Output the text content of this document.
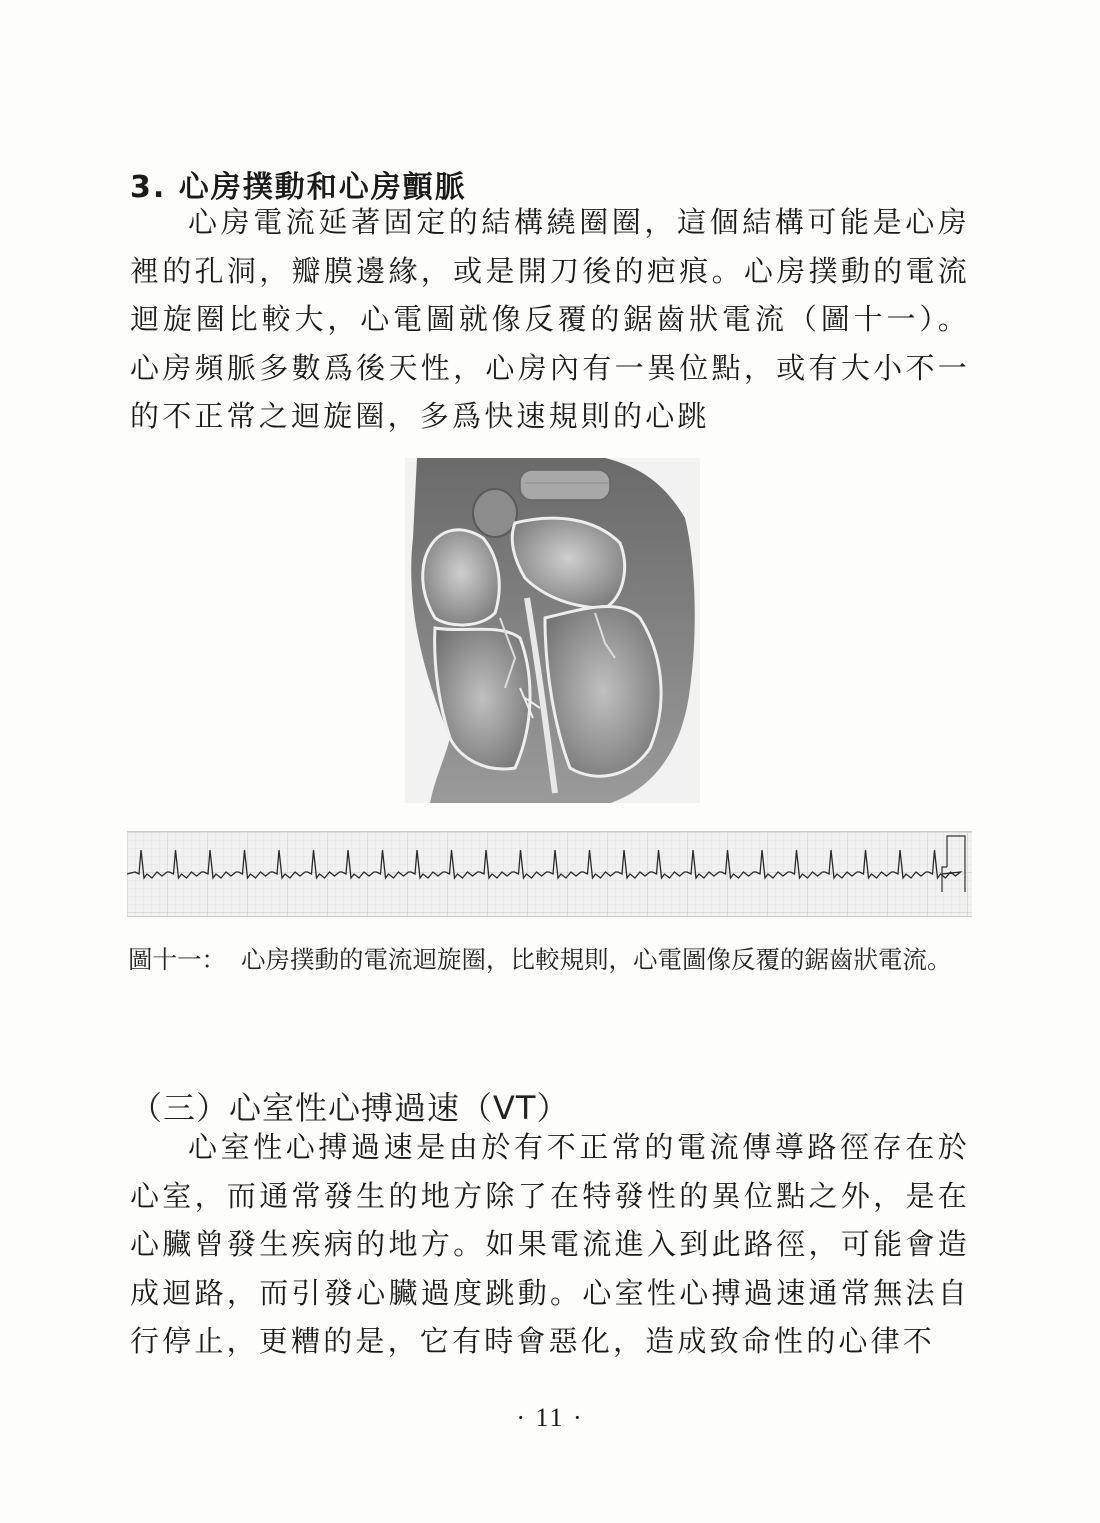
3. 心房撲動和心房顫脈

心房電流延著固定的結構繞圈圈，這個結構可能是心房裡的孔洞，瓣膜邊緣，或是開刀後的疤痕。心房撲動的電流迴旋圈比較大，心電圖就像反覆的鋸齒狀電流（圖十一）。心房頻脈多數爲後天性，心房內有一異位點，或有大小不一的不正常之迴旋圈，多爲快速規則的心跳

圖十一： 心房撲動的電流迴旋圈，比較規則，心電圖像反覆的鋸齒狀電流。
（三）心室性心搏過速（VT）

心室性心搏過速是由於有不正常的電流傳導路徑存在於心室，而通常發生的地方除了在特發性的異位點之外，是在心臟曾發生疾病的地方。如果電流進入到此路徑，可能會造成迴路，而引發心臟過度跳動。心室性心搏過速通常無法自行停止，更糟的是，它有時會惡化，造成致命性的心律不

· 11 ·
